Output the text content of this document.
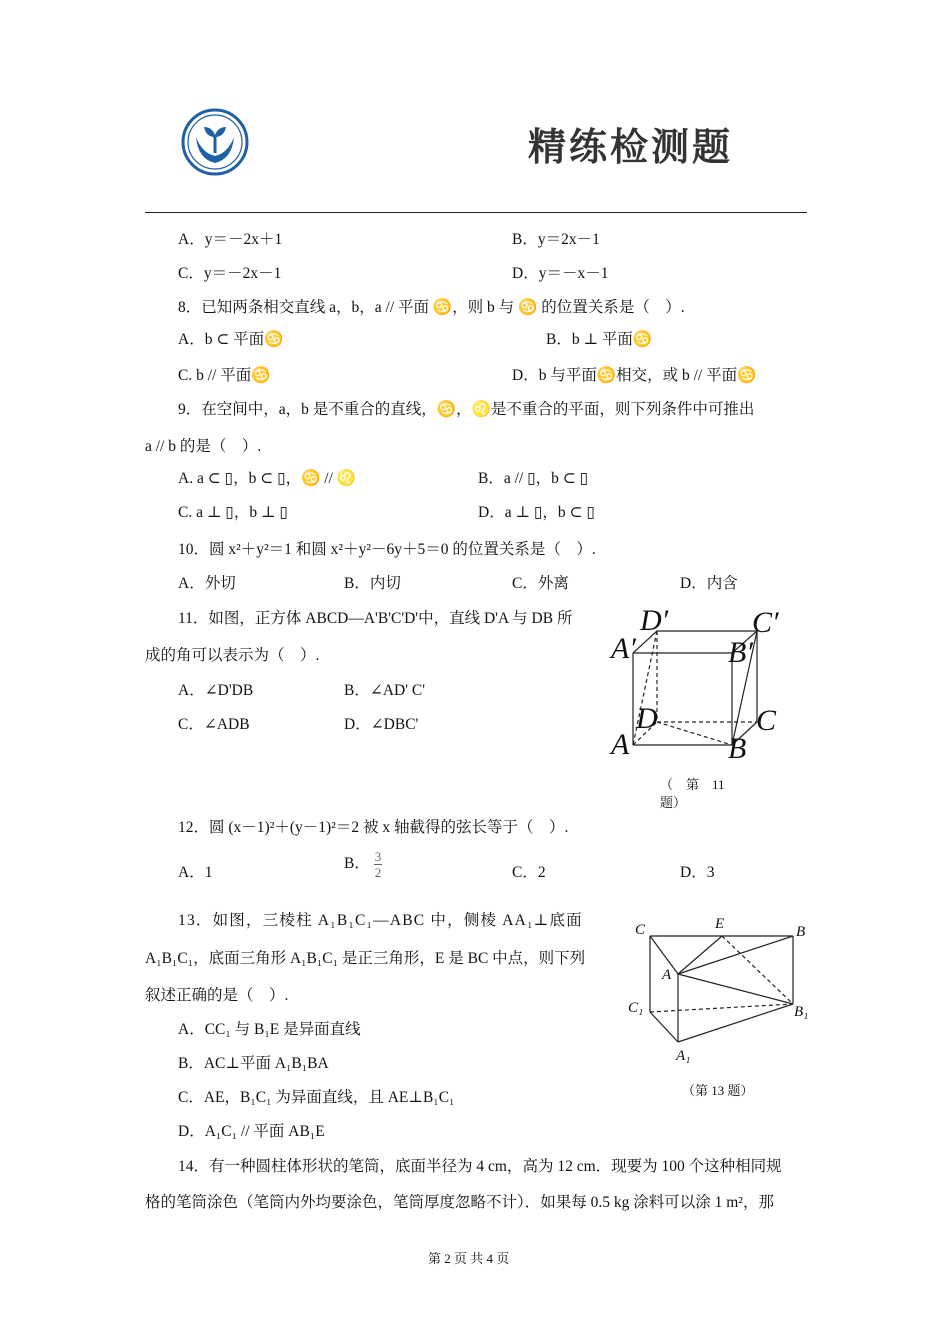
精练检测题
A．y＝－2x＋1	B．y＝2x－1
C．y＝－2x－1	D．y＝－x－1
8．已知两条相交直线 a，b，a // 平面 ♋，则 b 与 ♋ 的位置关系是（　）.
A．b ⊂ 平面♋	B．b ⊥ 平面♋
C. b // 平面♋	D．b 与平面♋相交，或 b // 平面♋
9．在空间中，a，b 是不重合的直线，♋，♌是不重合的平面，则下列条件中可推出
a // b 的是（　）.
A. a ⊂ ▯，b ⊂ ▯，♋ // ♌	B．a // ▯，b ⊂ ▯
C. a ⊥ ▯，b ⊥ ▯	D．a ⊥ ▯，b ⊂ ▯
10．圆 x²＋y²＝1 和圆 x²＋y²－6y＋5＝0 的位置关系是（　）.
A．外切	B．内切	C．外离	D．内含
11．如图，正方体 ABCD—A'B'C'D'中，直线 D'A 与 DB 所
成的角可以表示为（　）.
A．∠D'DB	B．∠AD' C'
C．∠ADB	D．∠DBC'
D′	C′
A′	B′
D	C
A	B
（　第　11
题）
12．圆 (x－1)²＋(y－1)²＝2 被 x 轴截得的弦长等于（　）.
A．1
B． $\frac{3}{2}$	C．2	D．3
13．如图，三棱柱 A₁B₁C₁—ABC 中，侧棱 AA₁⊥底面
A₁B₁C₁，底面三角形 A₁B₁C₁ 是正三角形，E 是 BC 中点，则下列
叙述正确的是（　）.
A．CC₁ 与 B₁E 是异面直线
B．AC⊥平面 A₁B₁BA
C．AE，B₁C₁ 为异面直线，且 AE⊥B₁C₁
D．A₁C₁ // 平面 AB₁E
C	E	B
A
C₁	B₁
A₁
（第 13 题）
14．有一种圆柱体形状的笔筒，底面半径为 4 cm，高为 12 cm．现要为 100 个这种相同规
格的笔筒涂色（笔筒内外均要涂色，笔筒厚度忽略不计）．如果每 0.5 kg 涂料可以涂 1 m²，那
第 2 页 共 4 页
